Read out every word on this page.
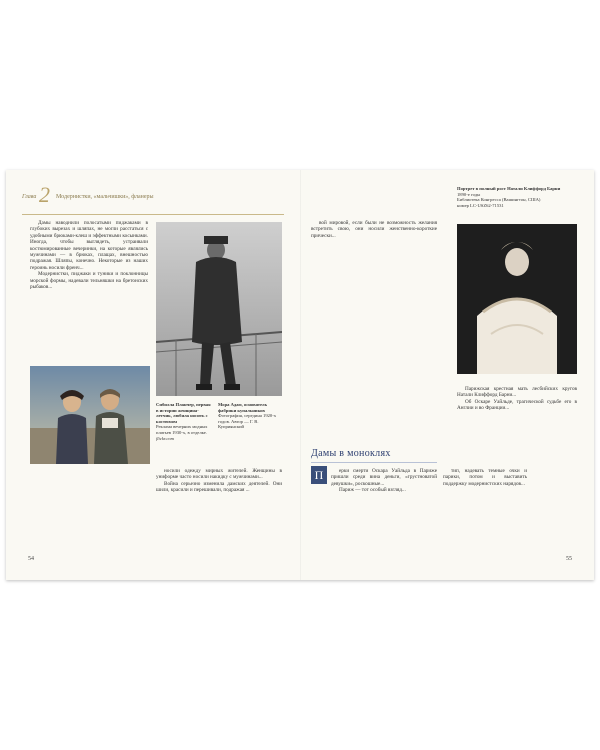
Глава 2 Модернистки, «мальчишки», фланеры

Дамы наводнили полосатыми пиджаками в глубоких вырезах и шляпах, не могли расстаться с удобными брюками-клеш и эффектными косынками. Иногда, чтобы выглядеть, устраивали костюмированные вечеринки, на которые являлись мужчинами — в брюках, плащах, внешностью подражая. Шляпы, конечно. Некоторые из наших героинь носили френч...

Модернистки, пиджаки и туники и поклонницы морской формы, надевали тельняшки на бретонских рыбаков...

Сибилла Планчер, первая в истории женщина-летчик, любила носить с костюмом
Реклама вечерних модных платьев 1930-х, в отделке.
flickr.com
Мора Адам, основатель фабрики купальников
Фотография, середина 1920-х годов. Автор — Г. В. Куприянский

носили одежду мирных жителей. Женщины в униформе часто носили накидку с мужчинами...

Война серьезно изменила дамских деятелей. Они шили, красили и перешивали, подражая ...

54

вой мировой, если были не возможность желания встретить свою, они носили женственно-короткие прически...

Дамы в моноклях
П	ерки смерти Оскара Уайльда в Париже пришли среди вина деньги, «грустноватой девушки», роскошные...

Париж — тот особый взгляд...

тип, надевать темные очки и парики, потом и выставить поддержку модернистских нарядов...

Портрет в полный рост Натали Клиффорд Барни
1890-е годы
Библиотека Конгресса (Вашингтон, США)
номер LC-USZ62-71531

Парижская крестная мать лесбийских кругов Натали Клиффорд Барни...

Об Оскаре Уайльде, трагической судьбе его в Англии и во Франции...

55
